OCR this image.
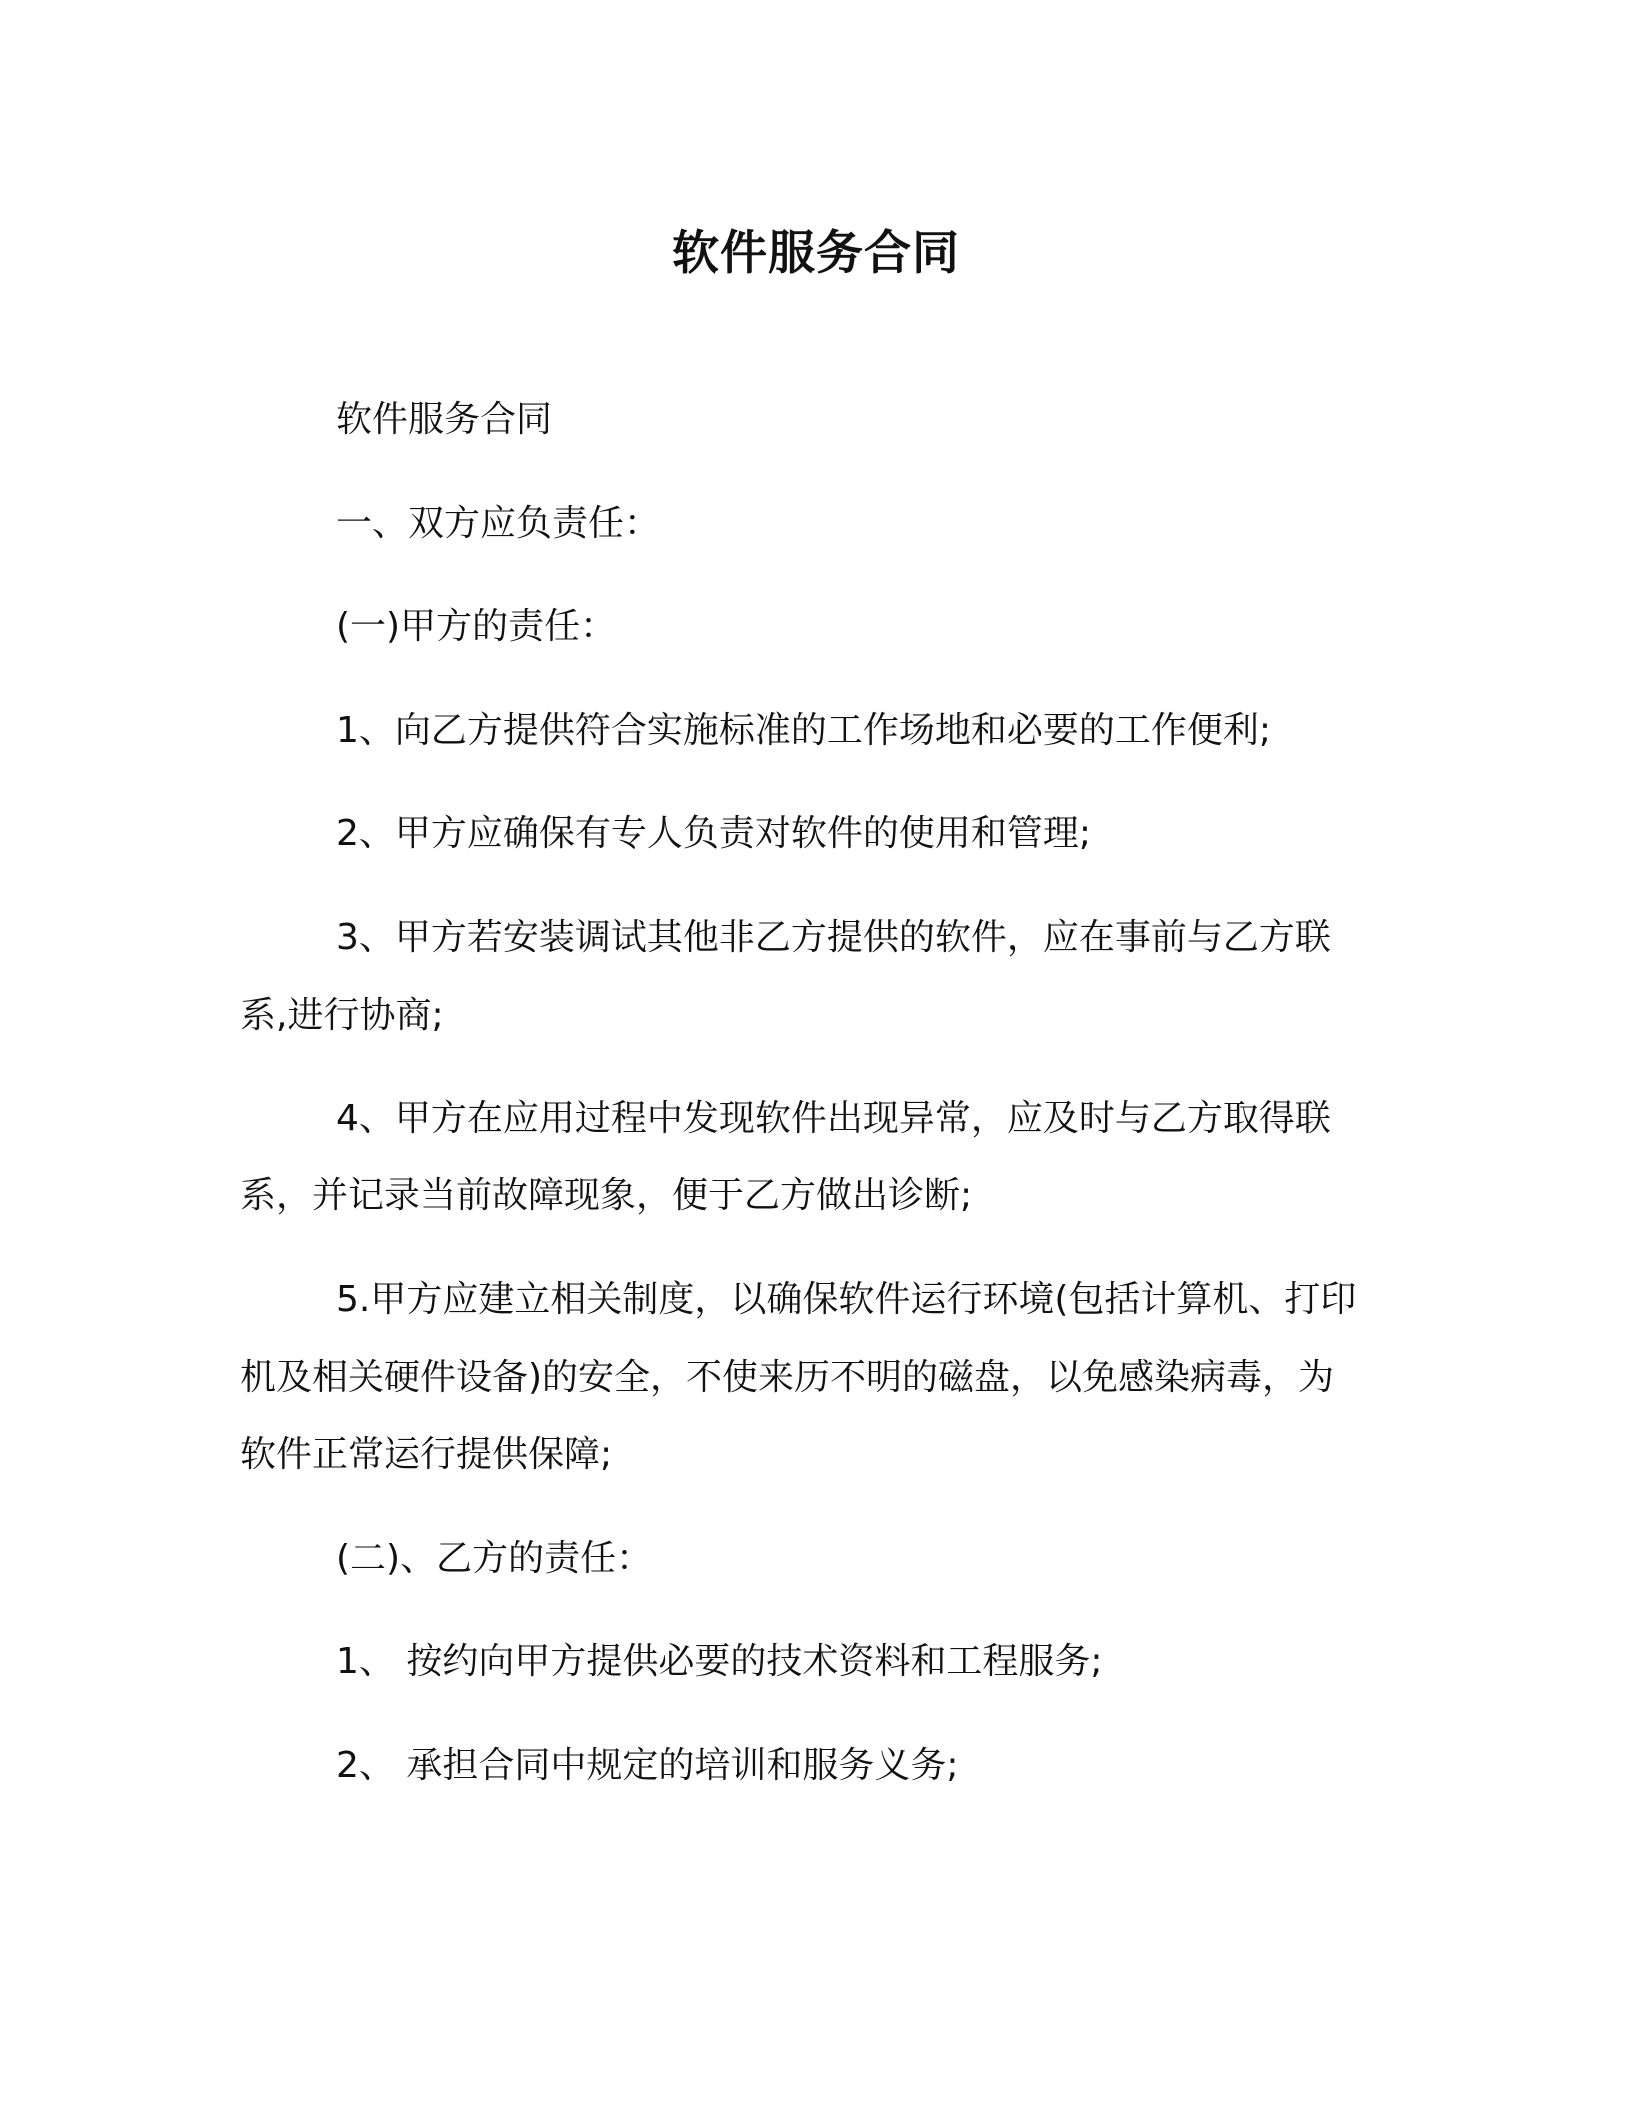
软件服务合同
软件服务合同
一、双方应负责任：
(一)甲方的责任：
1、向乙方提供符合实施标准的工作场地和必要的工作便利;
2、甲方应确保有专人负责对软件的使用和管理;
3、甲方若安装调试其他非乙方提供的软件，应在事前与乙方联
系,进行协商;
4、甲方在应用过程中发现软件出现异常，应及时与乙方取得联
系，并记录当前故障现象，便于乙方做出诊断;
5.甲方应建立相关制度，以确保软件运行环境(包括计算机、打印
机及相关硬件设备)的安全，不使来历不明的磁盘，以免感染病毒，为
软件正常运行提供保障;
(二)、乙方的责任：
1、 按约向甲方提供必要的技术资料和工程服务;
2、 承担合同中规定的培训和服务义务;
